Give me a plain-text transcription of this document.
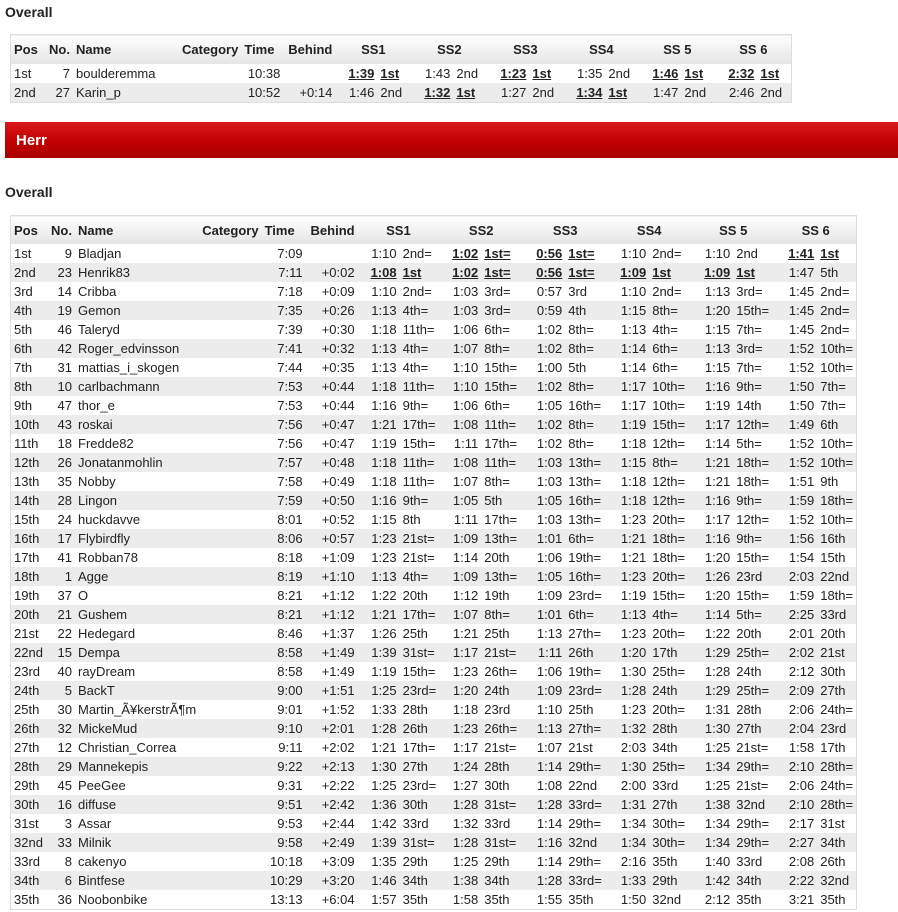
Overall
Pos	No.	Name	Category	Time	Behind	SS1		SS2		SS3		SS4		SS 5		SS 6	
1st	7	boulderemma		10:38		1:39	1st	1:43	2nd	1:23	1st	1:35	2nd	1:46	1st	2:32	1st
2nd	27	Karin_p		10:52	+0:14	1:46	2nd	1:32	1st	1:27	2nd	1:34	1st	1:47	2nd	2:46	2nd
Herr
Overall
Pos	No.	Name	Category	Time	Behind	SS1		SS2		SS3		SS4		SS 5		SS 6	
1st	9	Bladjan		7:09		1:10	2nd=	1:02	1st=	0:56	1st=	1:10	2nd=	1:10	2nd	1:41	1st
2nd	23	Henrik83		7:11	+0:02	1:08	1st	1:02	1st=	0:56	1st=	1:09	1st	1:09	1st	1:47	5th
3rd	14	Cribba		7:18	+0:09	1:10	2nd=	1:03	3rd=	0:57	3rd	1:10	2nd=	1:13	3rd=	1:45	2nd=
4th	19	Gemon		7:35	+0:26	1:13	4th=	1:03	3rd=	0:59	4th	1:15	8th=	1:20	15th=	1:45	2nd=
5th	46	Taleryd		7:39	+0:30	1:18	11th=	1:06	6th=	1:02	8th=	1:13	4th=	1:15	7th=	1:45	2nd=
6th	42	Roger_edvinsson		7:41	+0:32	1:13	4th=	1:07	8th=	1:02	8th=	1:14	6th=	1:13	3rd=	1:52	10th=
7th	31	mattias_i_skogen		7:44	+0:35	1:13	4th=	1:10	15th=	1:00	5th	1:14	6th=	1:15	7th=	1:52	10th=
8th	10	carlbachmann		7:53	+0:44	1:18	11th=	1:10	15th=	1:02	8th=	1:17	10th=	1:16	9th=	1:50	7th=
9th	47	thor_e		7:53	+0:44	1:16	9th=	1:06	6th=	1:05	16th=	1:17	10th=	1:19	14th	1:50	7th=
10th	43	roskai		7:56	+0:47	1:21	17th=	1:08	11th=	1:02	8th=	1:19	15th=	1:17	12th=	1:49	6th
11th	18	Fredde82		7:56	+0:47	1:19	15th=	1:11	17th=	1:02	8th=	1:18	12th=	1:14	5th=	1:52	10th=
12th	26	Jonatanmohlin		7:57	+0:48	1:18	11th=	1:08	11th=	1:03	13th=	1:15	8th=	1:21	18th=	1:52	10th=
13th	35	Nobby		7:58	+0:49	1:18	11th=	1:07	8th=	1:03	13th=	1:18	12th=	1:21	18th=	1:51	9th
14th	28	Lingon		7:59	+0:50	1:16	9th=	1:05	5th	1:05	16th=	1:18	12th=	1:16	9th=	1:59	18th=
15th	24	huckdavve		8:01	+0:52	1:15	8th	1:11	17th=	1:03	13th=	1:23	20th=	1:17	12th=	1:52	10th=
16th	17	Flybirdfly		8:06	+0:57	1:23	21st=	1:09	13th=	1:01	6th=	1:21	18th=	1:16	9th=	1:56	16th
17th	41	Robban78		8:18	+1:09	1:23	21st=	1:14	20th	1:06	19th=	1:21	18th=	1:20	15th=	1:54	15th
18th	1	Agge		8:19	+1:10	1:13	4th=	1:09	13th=	1:05	16th=	1:23	20th=	1:26	23rd	2:03	22nd
19th	37	O		8:21	+1:12	1:22	20th	1:12	19th	1:09	23rd=	1:19	15th=	1:20	15th=	1:59	18th=
20th	21	Gushem		8:21	+1:12	1:21	17th=	1:07	8th=	1:01	6th=	1:13	4th=	1:14	5th=	2:25	33rd
21st	22	Hedegard		8:46	+1:37	1:26	25th	1:21	25th	1:13	27th=	1:23	20th=	1:22	20th	2:01	20th
22nd	15	Dempa		8:58	+1:49	1:39	31st=	1:17	21st=	1:11	26th	1:20	17th	1:29	25th=	2:02	21st
23rd	40	rayDream		8:58	+1:49	1:19	15th=	1:23	26th=	1:06	19th=	1:30	25th=	1:28	24th	2:12	30th
24th	5	BackT		9:00	+1:51	1:25	23rd=	1:20	24th	1:09	23rd=	1:28	24th	1:29	25th=	2:09	27th
25th	30	Martin_Ã¥kerstrÃ¶m		9:01	+1:52	1:33	28th	1:18	23rd	1:10	25th	1:23	20th=	1:31	28th	2:06	24th=
26th	32	MickeMud		9:10	+2:01	1:28	26th	1:23	26th=	1:13	27th=	1:32	28th	1:30	27th	2:04	23rd
27th	12	Christian_Correa		9:11	+2:02	1:21	17th=	1:17	21st=	1:07	21st	2:03	34th	1:25	21st=	1:58	17th
28th	29	Mannekepis		9:22	+2:13	1:30	27th	1:24	28th	1:14	29th=	1:30	25th=	1:34	29th=	2:10	28th=
29th	45	PeeGee		9:31	+2:22	1:25	23rd=	1:27	30th	1:08	22nd	2:00	33rd	1:25	21st=	2:06	24th=
30th	16	diffuse		9:51	+2:42	1:36	30th	1:28	31st=	1:28	33rd=	1:31	27th	1:38	32nd	2:10	28th=
31st	3	Assar		9:53	+2:44	1:42	33rd	1:32	33rd	1:14	29th=	1:34	30th=	1:34	29th=	2:17	31st
32nd	33	Milnik		9:58	+2:49	1:39	31st=	1:28	31st=	1:16	32nd	1:34	30th=	1:34	29th=	2:27	34th
33rd	8	cakenyo		10:18	+3:09	1:35	29th	1:25	29th	1:14	29th=	2:16	35th	1:40	33rd	2:08	26th
34th	6	Bintfese		10:29	+3:20	1:46	34th	1:38	34th	1:28	33rd=	1:33	29th	1:42	34th	2:22	32nd
35th	36	Noobonbike		13:13	+6:04	1:57	35th	1:58	35th	1:55	35th	1:50	32nd	2:12	35th	3:21	35th
